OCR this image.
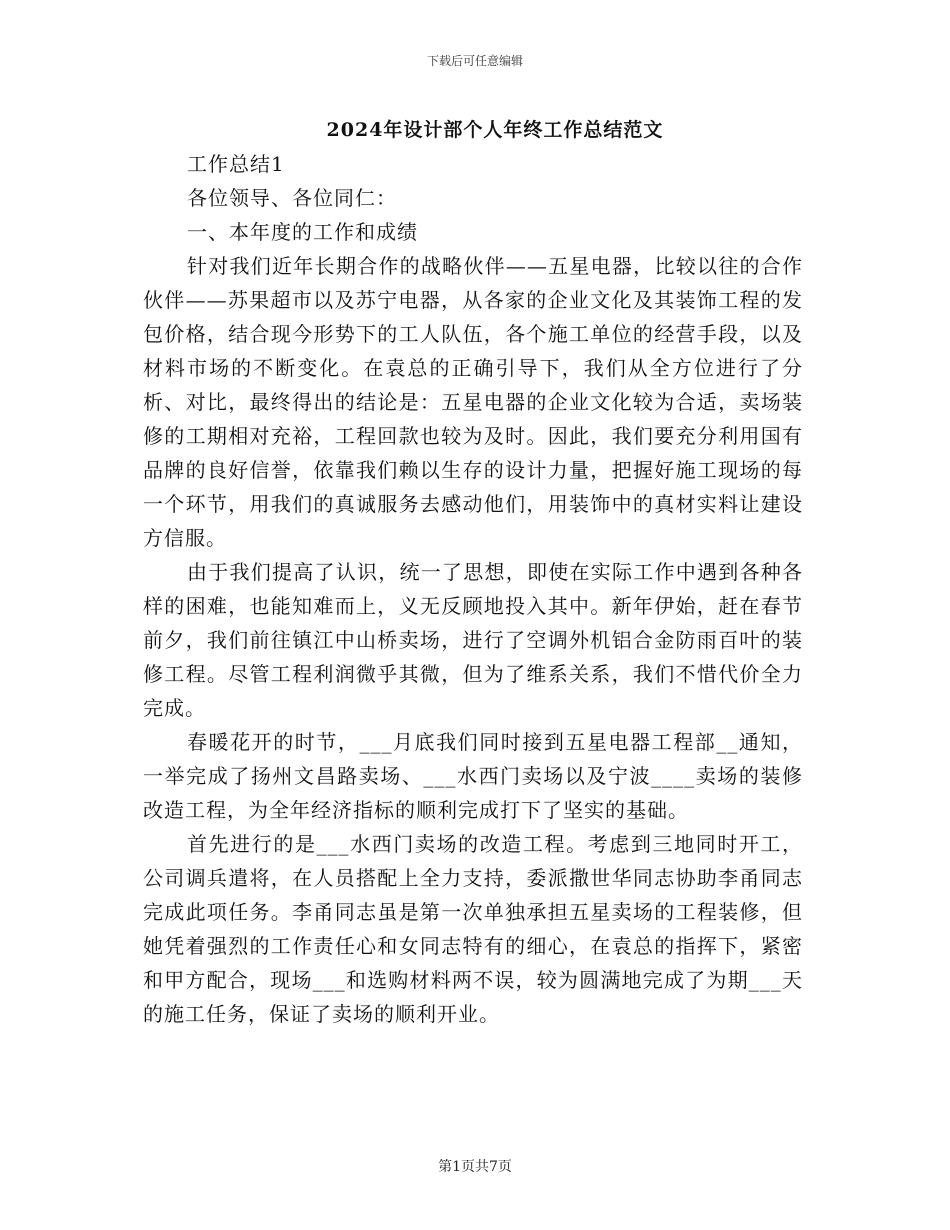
下载后可任意编辑
2024年设计部个人年终工作总结范文

工作总结1

各位领导、各位同仁：

一、本年度的工作和成绩

针对我们近年长期合作的战略伙伴——五星电器，比较以往的合作伙伴——苏果超市以及苏宁电器，从各家的企业文化及其装饰工程的发包价格，结合现今形势下的工人队伍，各个施工单位的经营手段，以及材料市场的不断变化。在袁总的正确引导下，我们从全方位进行了分析、对比，最终得出的结论是：五星电器的企业文化较为合适，卖场装修的工期相对充裕，工程回款也较为及时。因此，我们要充分利用国有品牌的良好信誉，依靠我们赖以生存的设计力量，把握好施工现场的每一个环节，用我们的真诚服务去感动他们，用装饰中的真材实料让建设方信服。

由于我们提高了认识，统一了思想，即使在实际工作中遇到各种各样的困难，也能知难而上，义无反顾地投入其中。新年伊始，赶在春节前夕，我们前往镇江中山桥卖场，进行了空调外机铝合金防雨百叶的装修工程。尽管工程利润微乎其微，但为了维系关系，我们不惜代价全力完成。

春暖花开的时节，___月底我们同时接到五星电器工程部__通知，一举完成了扬州文昌路卖场、___水西门卖场以及宁波____卖场的装修改造工程，为全年经济指标的顺利完成打下了坚实的基础。

首先进行的是___水西门卖场的改造工程。考虑到三地同时开工，公司调兵遣将，在人员搭配上全力支持，委派撒世华同志协助李甬同志完成此项任务。李甬同志虽是第一次单独承担五星卖场的工程装修，但她凭着强烈的工作责任心和女同志特有的细心，在袁总的指挥下，紧密和甲方配合，现场___和选购材料两不误，较为圆满地完成了为期___天的施工任务，保证了卖场的顺利开业。

第1页共7页
